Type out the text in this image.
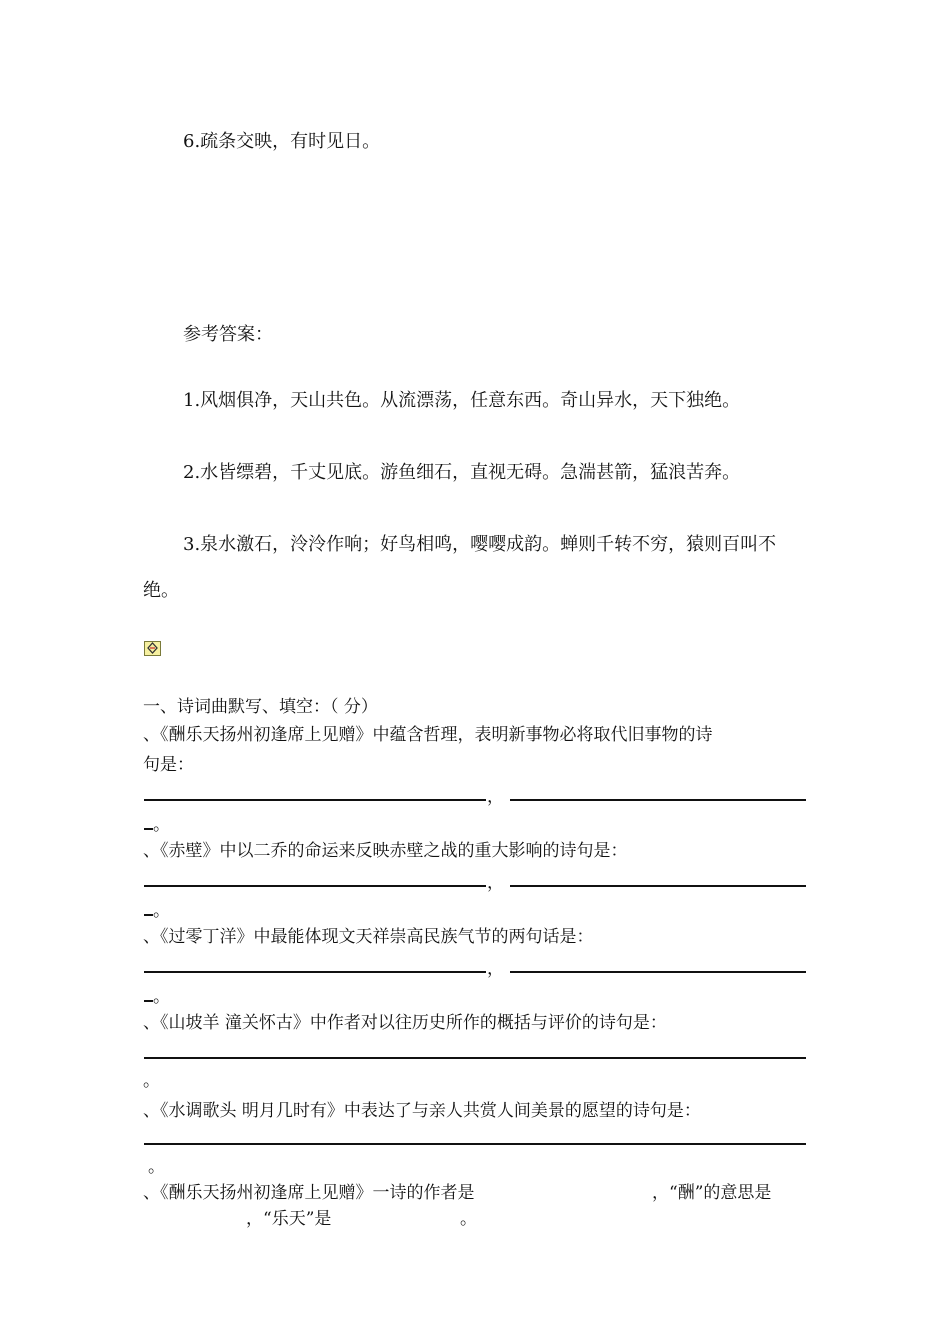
6.疏条交映，有时见日。
参考答案：
1.风烟俱净，天山共色。从流漂荡，任意东西。奇山异水，天下独绝。
2.水皆缥碧，千丈见底。游鱼细石，直视无碍。急湍甚箭，猛浪苦奔。
3.泉水激石，泠泠作响；好鸟相鸣，嘤嘤成韵。蝉则千转不穷，猿则百叫不
绝。
一、诗词曲默写、填空：（ 分）
、《酬乐天扬州初逢席上见赠》中蕴含哲理，表明新事物必将取代旧事物的诗
句是：
，
。
、《赤壁》中以二乔的命运来反映赤壁之战的重大影响的诗句是：
，
。
、《过零丁洋》中最能体现文天祥崇高民族气节的两句话是：
，
。
、《山坡羊 潼关怀古》中作者对以往历史所作的概括与评价的诗句是：
。
、《水调歌头 明月几时有》中表达了与亲人共赏人间美景的愿望的诗句是：
。
、《酬乐天扬州初逢席上见赠》一诗的作者是	，“酬”的意思是
，“乐天”是	。
